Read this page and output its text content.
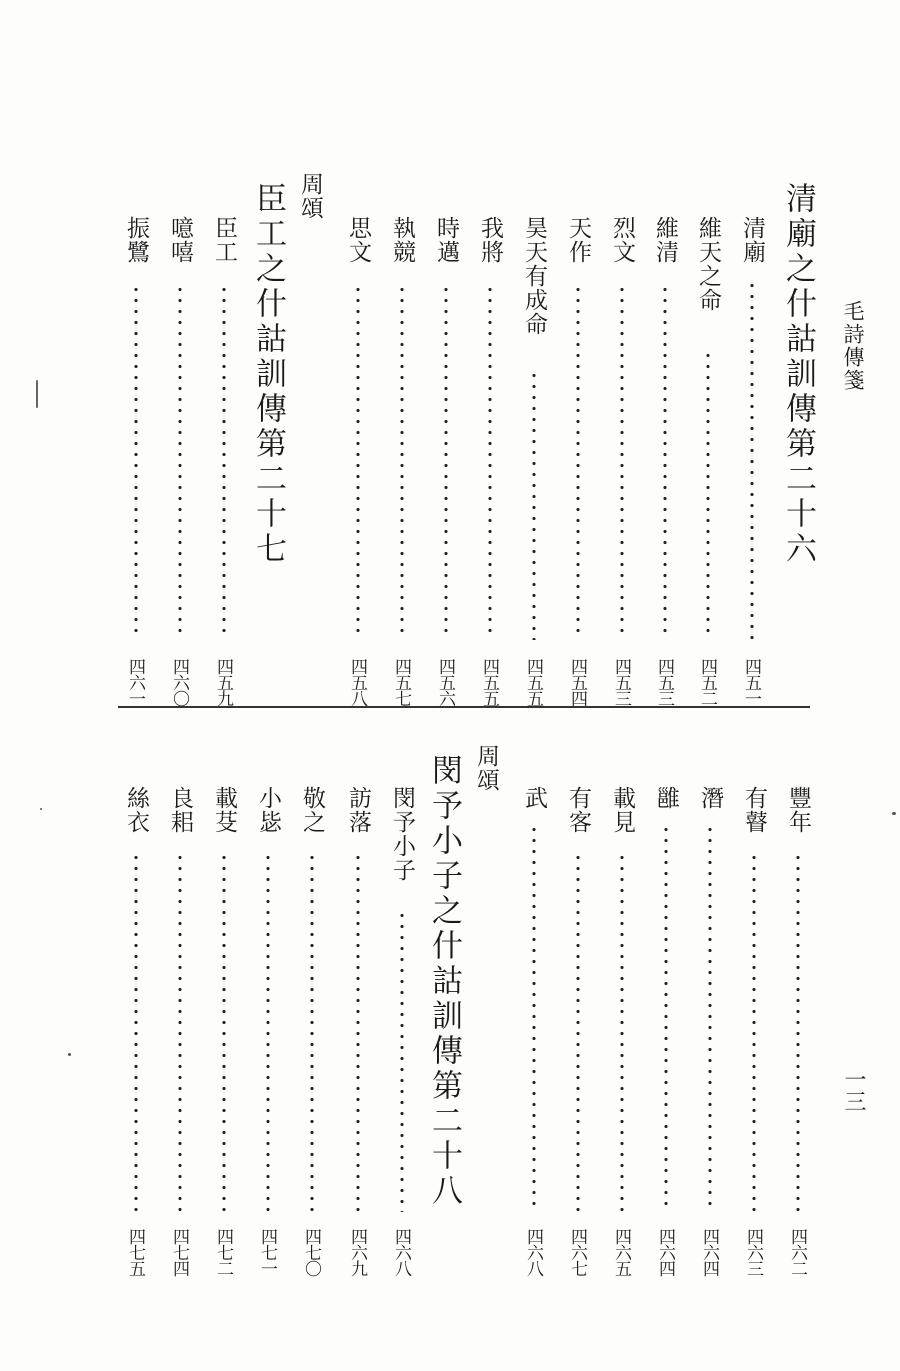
毛詩傳箋
一三
清廟之什詁訓傳第二十六
清廟
四五一
維天之命
四五二
維清
四五三
烈文
四五三
天作
四五四
昊天有成命
四五五
我將
四五五
時邁
四五六
執競
四五七
思文
四五八
周頌
臣工之什詁訓傳第二十七
臣工
四五九
噫嘻
四六〇
振鷺
四六一
豐年
四六二
有瞽
四六三
潛
四六四
雝
四六四
載見
四六五
有客
四六七
武
四六八
周頌
閔予小子之什詁訓傳第二十八
閔予小子
四六八
訪落
四六九
敬之
四七〇
小毖
四七一
載芟
四七二
良耜
四七四
絲衣
四七五
